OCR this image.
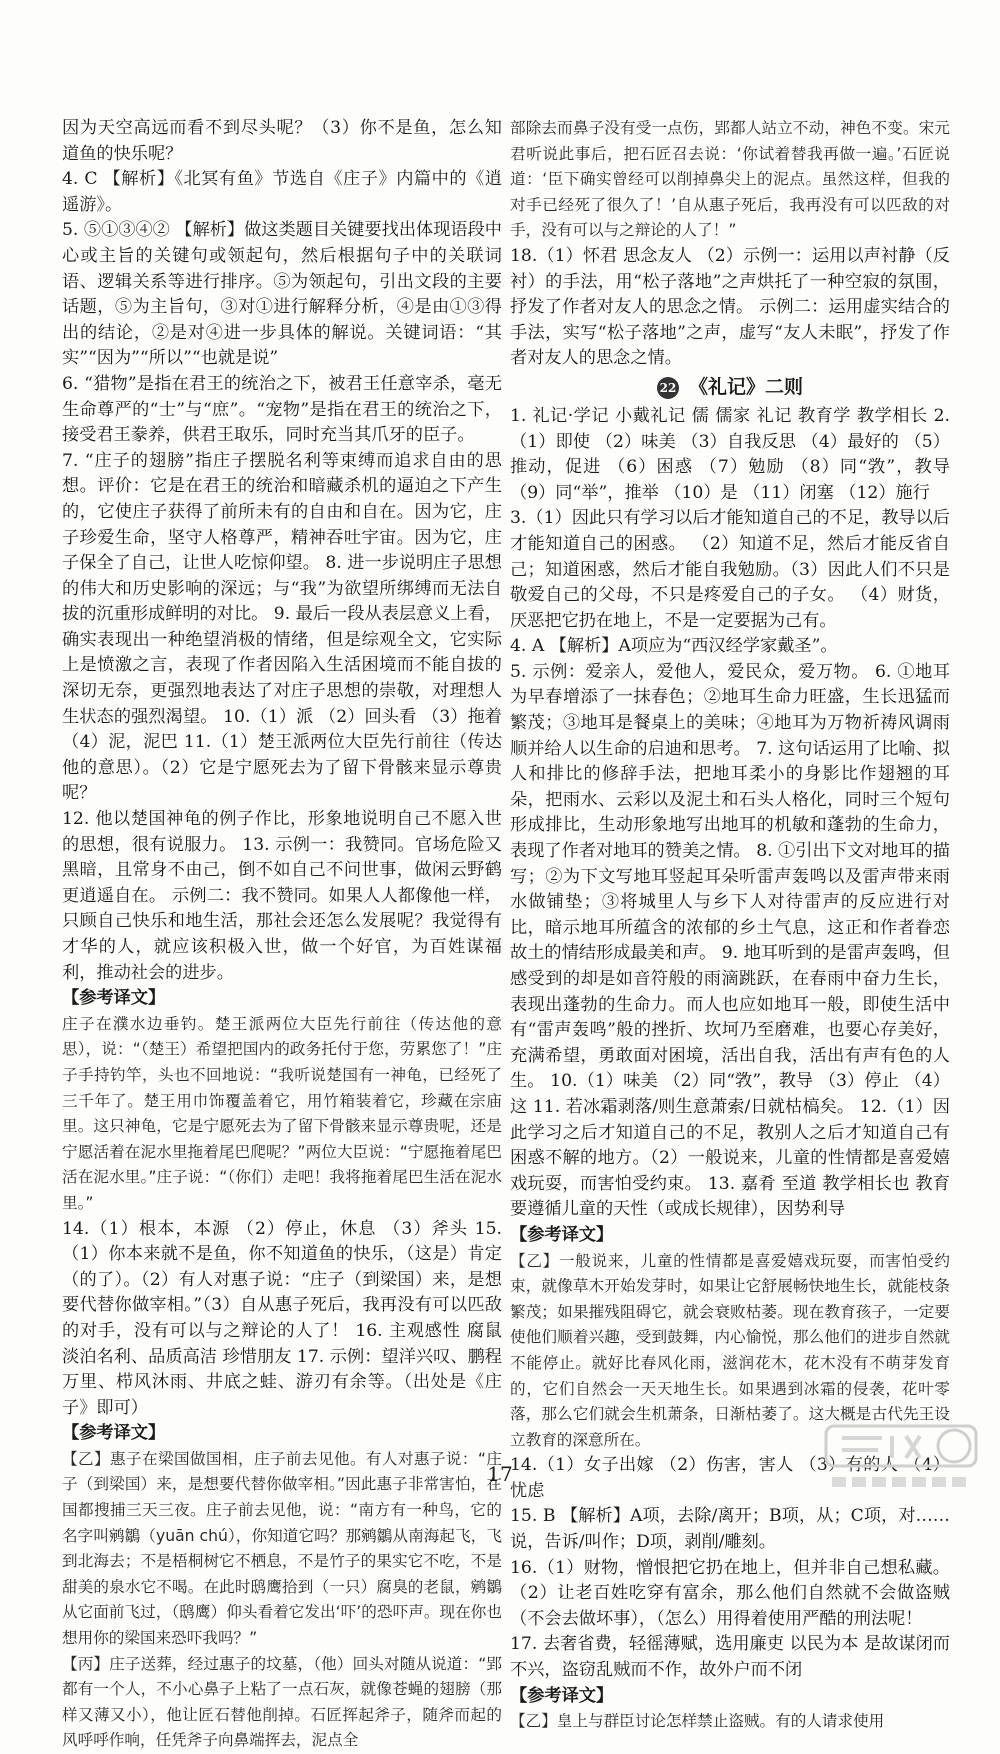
因为天空高远而看不到尽头呢？（3）你不是鱼，怎么知道鱼的快乐呢？

4. C 【解析】《北冥有鱼》节选自《庄子》内篇中的《逍遥游》。

5. ⑤①③④② 【解析】做这类题目关键要找出体现语段中心或主旨的关键句或领起句，然后根据句子中的关联词语、逻辑关系等进行排序。⑤为领起句，引出文段的主要话题，⑤为主旨句，③对①进行解释分析，④是由①③得出的结论，②是对④进一步具体的解说。关键词语：“其实”“因为”“所以”“也就是说”

6. “猎物”是指在君王的统治之下，被君王任意宰杀，毫无生命尊严的“士”与“庶”。“宠物”是指在君王的统治之下，接受君王豢养，供君王取乐，同时充当其爪牙的臣子。

7. “庄子的翅膀”指庄子摆脱名利等束缚而追求自由的思想。评价：它是在君王的统治和暗藏杀机的逼迫之下产生的，它使庄子获得了前所未有的自由和自在。因为它，庄子珍爱生命，坚守人格尊严，精神吞吐宇宙。因为它，庄子保全了自己，让世人吃惊仰望。 8. 进一步说明庄子思想的伟大和历史影响的深远；与“我”为欲望所绑缚而无法自拔的沉重形成鲜明的对比。 9. 最后一段从表层意义上看，确实表现出一种绝望消极的情绪，但是综观全文，它实际上是愤激之言，表现了作者因陷入生活困境而不能自拔的深切无奈，更强烈地表达了对庄子思想的崇敬，对理想人生状态的强烈渴望。 10.（1）派 （2）回头看 （3）拖着（4）泥，泥巴 11.（1）楚王派两位大臣先行前往（传达他的意思）。（2）它是宁愿死去为了留下骨骸来显示尊贵呢？

12. 他以楚国神龟的例子作比，形象地说明自己不愿入世的思想，很有说服力。 13. 示例一：我赞同。官场危险又黑暗，且常身不由己，倒不如自己不问世事，做闲云野鹤更逍遥自在。 示例二：我不赞同。如果人人都像他一样，只顾自己快乐和地生活，那社会还怎么发展呢？我觉得有才华的人，就应该积极入世，做一个好官，为百姓谋福利，推动社会的进步。

【参考译文】

庄子在濮水边垂钓。楚王派两位大臣先行前往（传达他的意思），说：“（楚王）希望把国内的政务托付于您，劳累您了！”庄子手持钓竿，头也不回地说：“我听说楚国有一神龟，已经死了三千年了。楚王用巾饰覆盖着它，用竹箱装着它，珍藏在宗庙里。这只神龟，它是宁愿死去为了留下骨骸来显示尊贵呢，还是宁愿活着在泥水里拖着尾巴爬呢？”两位大臣说：“宁愿拖着尾巴活在泥水里。”庄子说：“（你们）走吧！我将拖着尾巴生活在泥水里。”

14.（1）根本，本源 （2）停止，休息 （3）斧头 15.（1）你本来就不是鱼，你不知道鱼的快乐，（这是）肯定（的了）。（2）有人对惠子说：“庄子（到梁国）来，是想要代替你做宰相。”（3）自从惠子死后，我再没有可以匹敌的对手，没有可以与之辩论的人了！ 16. 主观感性 腐鼠 淡泊名利、品质高洁 珍惜朋友 17. 示例：望洋兴叹、鹏程万里、栉风沐雨、井底之蛙、游刃有余等。（出处是《庄子》即可）

【参考译文】

【乙】惠子在梁国做国相，庄子前去见他。有人对惠子说：“庄子（到梁国）来，是想要代替你做宰相。”因此惠子非常害怕，在国都搜捕三天三夜。庄子前去见他，说：“南方有一种鸟，它的名字叫鹓鶵（yuān chú），你知道它吗？那鹓鶵从南海起飞，飞到北海去；不是梧桐树它不栖息，不是竹子的果实它不吃，不是甜美的泉水它不喝。在此时鸱鹰拾到（一只）腐臭的老鼠，鹓鶵从它面前飞过，（鸱鹰）仰头看着它发出‘吓’的恐吓声。现在你也想用你的梁国来恐吓我吗？”

【丙】庄子送葬，经过惠子的坟墓，（他）回头对随从说道：“郢都有一个人，不小心鼻子上粘了一点石灰，就像苍蝇的翅膀（那样又薄又小），他让匠石替他削掉。石匠挥起斧子，随斧而起的风呼呼作响，任凭斧子向鼻端挥去，泥点全

部除去而鼻子没有受一点伤，郢都人站立不动，神色不变。宋元君听说此事后，把石匠召去说：‘你试着替我再做一遍。’石匠说道：‘臣下确实曾经可以削掉鼻尖上的泥点。虽然这样，但我的对手已经死了很久了！’自从惠子死后，我再没有可以匹敌的对手，没有可以与之辩论的人了！”

18.（1）怀君 思念友人 （2）示例一：运用以声衬静（反衬）的手法，用“松子落地”之声烘托了一种空寂的氛围，抒发了作者对友人的思念之情。 示例二：运用虚实结合的手法，实写“松子落地”之声，虚写“友人未眠”，抒发了作者对友人的思念之情。

22 《礼记》二则

1. 礼记·学记 小戴礼记 儒 儒家 礼记 教育学 教学相长 2.（1）即使 （2）味美 （3）自我反思 （4）最好的 （5）推动，促进 （6）困惑 （7）勉励 （8）同“敩”，教导 （9）同“举”，推举 （10）是 （11）闭塞 （12）施行

3.（1）因此只有学习以后才能知道自己的不足，教导以后才能知道自己的困惑。 （2）知道不足，然后才能反省自己；知道困惑，然后才能自我勉励。（3）因此人们不只是敬爱自己的父母，不只是疼爱自己的子女。 （4）财货，厌恶把它扔在地上，不是一定要据为己有。

4. A 【解析】A项应为“西汉经学家戴圣”。

5. 示例：爱亲人，爱他人，爱民众，爱万物。 6. ①地耳为早春增添了一抹春色；②地耳生命力旺盛，生长迅猛而繁茂；③地耳是餐桌上的美味；④地耳为万物祈祷风调雨顺并给人以生命的启迪和思考。 7. 这句话运用了比喻、拟人和排比的修辞手法，把地耳柔小的身影比作翅翘的耳朵，把雨水、云彩以及泥土和石头人格化，同时三个短句形成排比，生动形象地写出地耳的机敏和蓬勃的生命力，表现了作者对地耳的赞美之情。 8. ①引出下文对地耳的描写；②为下文写地耳竖起耳朵听雷声轰鸣以及雷声带来雨水做铺垫；③将城里人与乡下人对待雷声的反应进行对比，暗示地耳所蕴含的浓郁的乡土气息，这正和作者眷恋故土的情结形成最美和声。 9. 地耳听到的是雷声轰鸣，但感受到的却是如音符般的雨滴跳跃，在春雨中奋力生长，表现出蓬勃的生命力。而人也应如地耳一般，即使生活中有“雷声轰鸣”般的挫折、坎坷乃至磨难，也要心存美好，充满希望，勇敢面对困境，活出自我，活出有声有色的人生。 10.（1）味美 （2）同“敩”，教导 （3）停止 （4）这 11. 若冰霜剥落/则生意萧索/日就枯槁矣。 12.（1）因此学习之后才知道自己的不足，教别人之后才知道自己有困惑不解的地方。（2）一般说来，儿童的性情都是喜爱嬉戏玩耍，而害怕受约束。 13. 嘉肴 至道 教学相长也 教育要遵循儿童的天性（或成长规律），因势利导

【参考译文】

【乙】一般说来，儿童的性情都是喜爱嬉戏玩耍，而害怕受约束，就像草木开始发芽时，如果让它舒展畅快地生长，就能枝条繁茂；如果摧残阻碍它，就会衰败枯萎。现在教育孩子，一定要使他们顺着兴趣，受到鼓舞，内心愉悦，那么他们的进步自然就不能停止。就好比春风化雨，滋润花木，花木没有不萌芽发育的，它们自然会一天天地生长。如果遇到冰霜的侵袭，花叶零落，那么它们就会生机萧条，日渐枯萎了。这大概是古代先王设立教育的深意所在。

14.（1）女子出嫁 （2）伤害，害人 （3）有的人 （4）忧虑

15. B 【解析】A项，去除/离开；B项，从；C项，对……说，告诉/叫作；D项，剥削/雕刻。

16.（1）财物，憎恨把它扔在地上，但并非自己想私藏。（2）让老百姓吃穿有富余，那么他们自然就不会做盗贼（不会去做坏事），（怎么）用得着使用严酷的刑法呢！

17. 去奢省费，轻徭薄赋，选用廉吏 以民为本 是故谋闭而不兴，盗窃乱贼而不作，故外户而不闭

【参考译文】

【乙】皇上与群臣讨论怎样禁止盗贼。有的人请求使用

17
